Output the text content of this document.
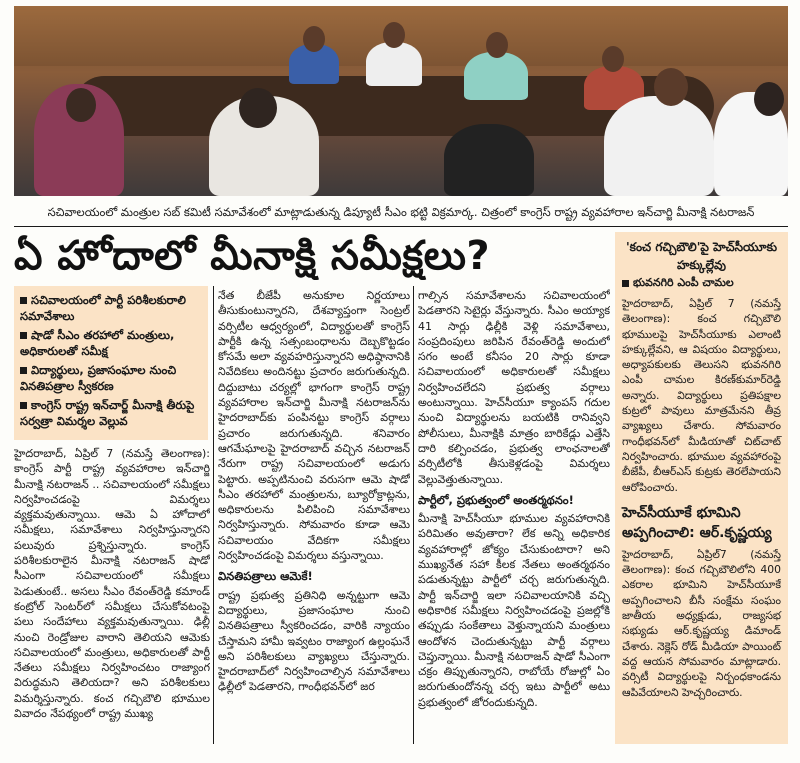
సచివాలయంలో మంత్రుల సబ్ కమిటీ సమావేశంలో మాట్లాడుతున్న డిప్యూటీ సీఎం భట్టి విక్రమార్క. చిత్రంలో కాంగ్రెస్ రాష్ట్ర వ్యవహారాల ఇన్‌చార్జి మీనాక్షి నటరాజన్
ఏ హోదాలో మీనాక్షి సమీక్షలు?
సచివాలయంలో పార్టీ పరిశీలకురాలి సమావేశాలు
షాడో సీఎం తరహాలో మంత్రులు, అధికారులతో సమీక్ష
విద్యార్థులు, ప్రజాసంఘాల నుంచి వినతిపత్రాల స్వీకరణ
కాంగ్రెస్ రాష్ట్ర ఇన్‌చార్జ్ మీనాక్షి తీరుపై సర్వత్రా విమర్శల వెల్లువ

హైదరాబాద్, ఏప్రిల్ 7 (నమస్తే తెలంగాణ): కాంగ్రెస్ పార్టీ రాష్ట్ర వ్యవహారాల ఇన్‌చార్జి మీనాక్షి నటరాజన్ .. సచివాలయంలో సమీక్షలు నిర్వహించడంపై విమర్శలు వ్యక్తమవుతున్నాయి. ఆమె ఏ హోదాలో సమీక్షలు, సమావేశాలు నిర్వహిస్తున్నారని పలువురు ప్రశ్నిస్తున్నారు. కాంగ్రెస్ పరిశీలకురాలైన మీనాక్షి నటరాజన్ షాడో సీఎంగా సచివాలయంలో సమీక్షలు పెడుతుంటే.. అసలు సీఎం రేవంత్‌రెడ్డి కమాండ్ కంట్రోల్ సెంటర్‌లో సమీక్షలు చేసుకోవటంపై పలు సందేహాలు వ్యక్తమవుతున్నాయి. ఢిల్లీ నుంచి రెండ్రోజుల వారాని తెలియని ఆమెకు సచివాలయంలో మంత్రులు, అధికారులతో పార్టీ నేతలు సమీక్షలు నిర్వహించటం రాజ్యాంగ విరుద్ధమని తెలియదా? అని పరిశీలకులు విమర్శిస్తున్నారు. కంచ గచ్చిబౌలి భూముల వివాదం నేపథ్యంలో రాష్ట్ర ముఖ్య

నేత బీజేపీ అనుకూల నిర్ణయాలు తీసుకుంటున్నారని, దేశవ్యాప్తంగా సెంట్రల్ వర్సిటీల ఆధ్వర్యంలో, విద్యార్థులతో కాంగ్రెస్ పార్టీకి ఉన్న సత్సంబంధాలను దెబ్బకొట్టడం కోసమే అలా వ్యవహరిస్తున్నారని అధిష్ఠానానికి నివేదికలు అందినట్టు ప్రచారం జరుగుతున్నది. దిద్దుబాటు చర్యల్లో భాగంగా కాంగ్రెస్ రాష్ట్ర వ్యవహారాల ఇన్‌చార్జి మీనాక్షి నటరాజన్‌ను హైదరాబాద్‌కు పంపినట్టు కాంగ్రెస్ వర్గాలు ప్రచారం జరుగుతున్నది. శనివారం ఆగమేఘాలపై హైదరాబాద్ వచ్చిన నటరాజన్ నేరుగా రాష్ట్ర సచివాలయంలో అడుగు పెట్టారు. అప్పటినుంచి వరుసగా ఆమె షాడో సీఎం తరహాలో మంత్రులను, బ్యూరోక్రాట్లను, అధికారులను పిలిపించి సమావేశాలు నిర్వహిస్తున్నారు. సోమవారం కూడా ఆమె సచివాలయం వేదికగా సమీక్షలు నిర్వహించడంపై విమర్శలు వస్తున్నాయి.

వినతిపత్రాలు ఆమెకే!

రాష్ట్ర ప్రభుత్వ ప్రతినిధి అన్నట్టుగా ఆమె విద్యార్థులు, ప్రజాసంఘాల నుంచి వినతిపత్రాలు స్వీకరించడం, వారికి న్యాయం చేస్తామని హామీ ఇవ్వటం రాజ్యాంగ ఉల్లంఘనే అని పరిశీలకులు వ్యాఖ్యలు చేస్తున్నారు. హైదరాబాద్‌లో నిర్వహించాల్సిన సమావేశాలు ఢిల్లీలో పెడతారని, గాంధీభవన్‌లో జర

గాల్సిన సమావేశాలను సచివాలయంలో పెడతారని సెటైర్లు వేస్తున్నారు. సీఎం అయ్యాక 41 సార్లు ఢిల్లీకి వెళ్లి సమావేశాలు, సంప్రదింపులు జరిపిన రేవంత్‌రెడ్డి అందులో సగం అంటే కనీసం 20 సార్లు కూడా సచివాలయంలో అధికారులతో సమీక్షలు నిర్వహించలేదని ప్రభుత్వ వర్గాలు అంటున్నాయి. హెచ్‌సీయూ క్యాంపస్ గదుల నుంచి విద్యార్థులను బయటికి రానివ్వని పోలీసులు, మీనాక్షికి మాత్రం బారికేడ్లు ఎత్తేసి దారి కల్పించడం, ప్రభుత్వ లాంఛనాలతో వర్సిటీలోకి తీసుకెళ్లడంపై విమర్శలు వెల్లువెత్తుతున్నాయి.

పార్టీలో, ప్రభుత్వంలో అంతర్మథనం!

మీనాక్షి హెచ్‌సీయూ భూముల వ్యవహారానికి పరిమితం అవుతారా? లేక అన్ని అధికారిక వ్యవహారాల్లో జోక్యం చేసుకుంటారా? అని ముఖ్యనేత సహా కీలక నేతలు అంతర్మథనం పడుతున్నట్టు పార్టీలో చర్చ జరుగుతున్నది. పార్టీ ఇన్‌చార్జి ఇలా సచివాలయానికి వచ్చి అధికారిక సమీక్షలు నిర్వహించడంపై ప్రజల్లోకి తప్పుడు సంకేతాలు వెళ్తున్నాయని మంత్రులు ఆందోళన చెందుతున్నట్టు పార్టీ వర్గాలు చెప్తున్నాయి. మీనాక్షి నటరాజన్ షాడో సీఎంగా చక్రం తిప్పుతున్నారని, రాబోయే రోజుల్లో ఏం జరుగుతుందోనన్న చర్చ ఇటు పార్టీలో అటు ప్రభుత్వంలో జోరందుకున్నది.

'కంచ గచ్చిబౌలి'పై హెచ్‌సీయూకు హక్కుల్లేవు
భువనగిరి ఎంపీ చామల

హైదరాబాద్, ఏప్రిల్ 7 (నమస్తే తెలంగాణ): కంచ గచ్చిబౌలి భూములపై హెచ్‌సీయూకు ఎలాంటి హక్కుల్లేవని, ఆ విషయం విద్యార్థులు, అధ్యాపకులకు తెలుసని భువనగిరి ఎంపీ చామల కిరణ్‌కుమార్‌రెడ్డి అన్నారు. విద్యార్థులు ప్రతిపక్షాల కుట్రలో పావులు మాత్రమేనని తీవ్ర వ్యాఖ్యలు చేశారు. సోమవారం గాంధీభవన్‌లో మీడియాతో చిట్‌చాట్ నిర్వహించారు. భూముల వ్యవహారంపై బీజేపీ, బీఆర్ఎస్ కుట్రకు తెరలేపాయని ఆరోపించారు.

హెచ్‌సీయూకే భూమిని అప్పగించాలి: ఆర్.కృష్ణయ్య

హైదరాబాద్, ఏప్రిల్7 (నమస్తే తెలంగాణ): కంచ గచ్చిబౌలిలోని 400 ఎకరాల భూమిని హెచ్‌సీయూకే అప్పగించాలని బీసీ సంక్షేమ సంఘం జాతీయ అధ్యక్షుడు, రాజ్యసభ సభ్యుడు ఆర్.కృష్ణయ్య డిమాండ్ చేశారు. నెక్లెస్ రోడ్ మీడియా పాయింట్ వద్ద ఆయన సోమవారం మాట్లాడారు. వర్సిటీ విద్యార్థులపై నిర్బంధకాండను ఆపివేయాలని హెచ్చరించారు.
